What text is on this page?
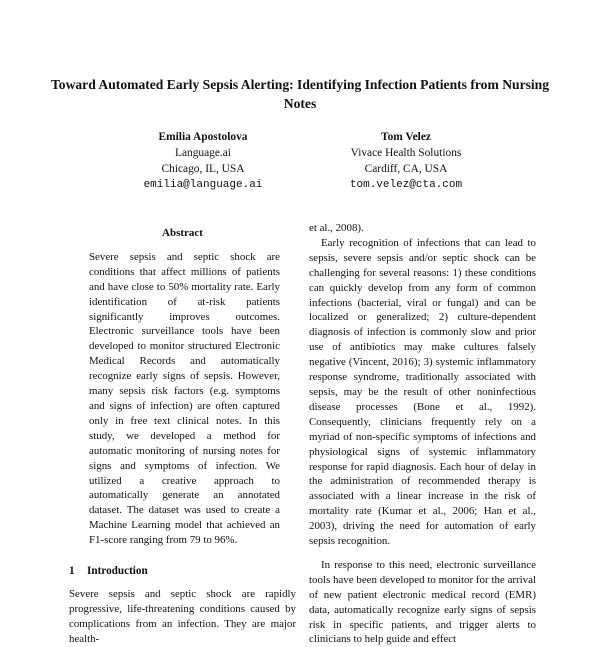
Toward Automated Early Sepsis Alerting: Identifying Infection Patients from Nursing Notes
Emilia Apostolova
Language.ai
Chicago, IL, USA
emilia@language.ai
Tom Velez
Vivace Health Solutions
Cardiff, CA, USA
tom.velez@cta.com
Abstract

Severe sepsis and septic shock are conditions that affect millions of patients and have close to 50% mortality rate. Early identification of at-risk patients significantly improves outcomes. Electronic surveillance tools have been developed to monitor structured Electronic Medical Records and automatically recognize early signs of sepsis. However, many sepsis risk factors (e.g. symptoms and signs of infection) are often captured only in free text clinical notes. In this study, we developed a method for automatic monitoring of nursing notes for signs and symptoms of infection. We utilized a creative approach to automatically generate an annotated dataset. The dataset was used to create a Machine Learning model that achieved an F1-score ranging from 79 to 96%.

1 Introduction

Severe sepsis and septic shock are rapidly progressive, life-threatening conditions caused by complications from an infection. They are major health-

et al., 2008).

Early recognition of infections that can lead to sepsis, severe sepsis and/or septic shock can be challenging for several reasons: 1) these conditions can quickly develop from any form of common infections (bacterial, viral or fungal) and can be localized or generalized; 2) culture-dependent diagnosis of infection is commonly slow and prior use of antibiotics may make cultures falsely negative (Vincent, 2016); 3) systemic inflammatory response syndrome, traditionally associated with sepsis, may be the result of other noninfectious disease processes (Bone et al., 1992). Consequently, clinicians frequently rely on a myriad of non-specific symptoms of infections and physiological signs of systemic inflammatory response for rapid diagnosis. Each hour of delay in the administration of recommended therapy is associated with a linear increase in the risk of mortality rate (Kumar et al., 2006; Han et al., 2003), driving the need for automation of early sepsis recognition.

In response to this need, electronic surveillance tools have been developed to monitor for the arrival of new patient electronic medical record (EMR) data, automatically recognize early signs of sepsis risk in specific patients, and trigger alerts to clinicians to help guide and effect
